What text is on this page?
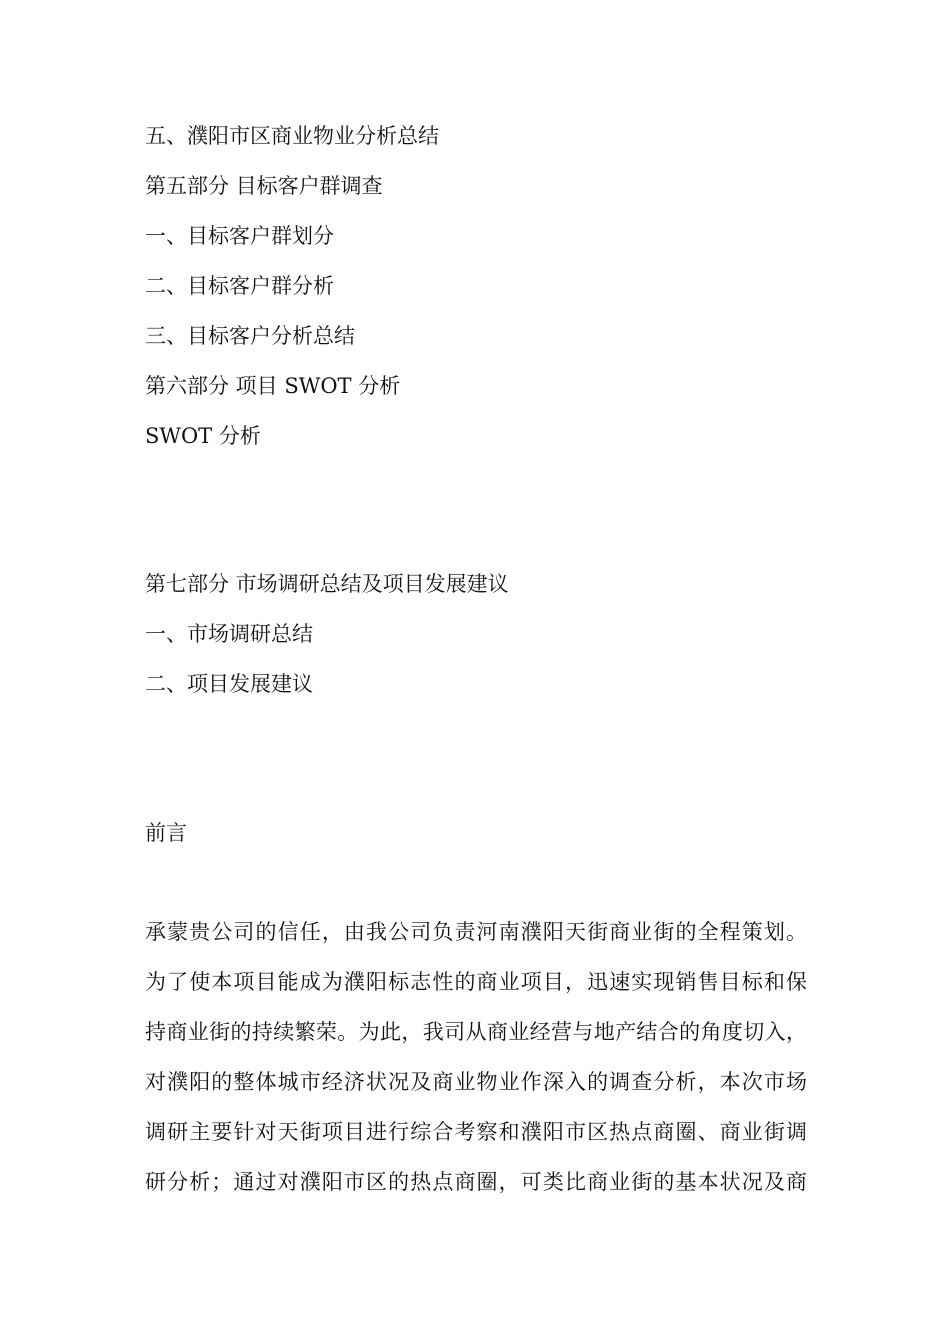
五、濮阳市区商业物业分析总结
第五部分 目标客户群调查
一、目标客户群划分
二、目标客户群分析
三、目标客户分析总结
第六部分 项目 SWOT 分析
SWOT 分析
第七部分 市场调研总结及项目发展建议
一、市场调研总结
二、项目发展建议
前言
承蒙贵公司的信任，由我公司负责河南濮阳天街商业街的全程策划。
为了使本项目能成为濮阳标志性的商业项目，迅速实现销售目标和保
持商业街的持续繁荣。为此，我司从商业经营与地产结合的角度切入，
对濮阳的整体城市经济状况及商业物业作深入的调查分析，本次市场
调研主要针对天街项目进行综合考察和濮阳市区热点商圈、商业街调
研分析；通过对濮阳市区的热点商圈，可类比商业街的基本状况及商
